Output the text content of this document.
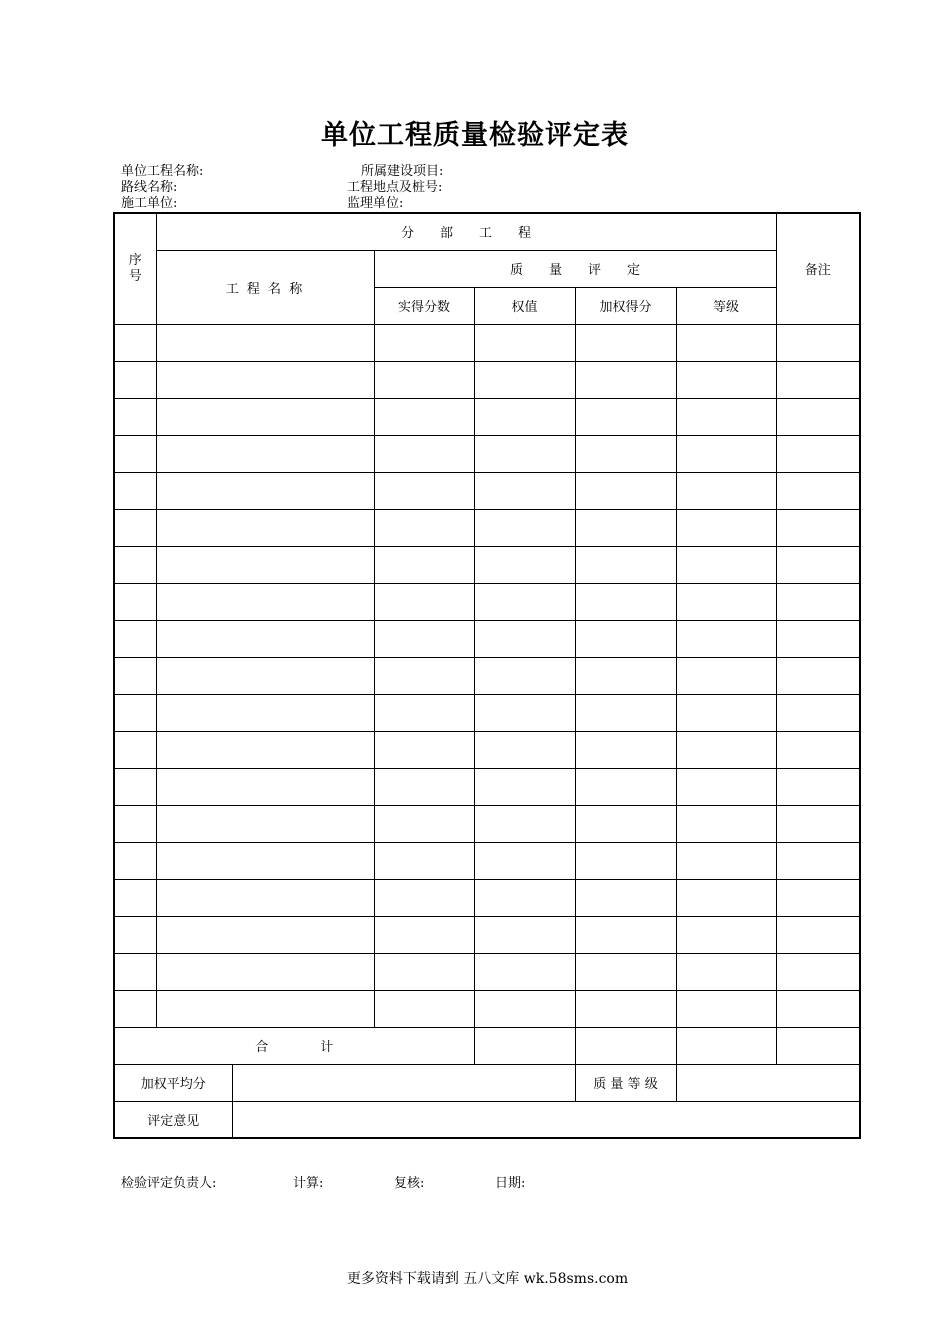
单位工程质量检验评定表
单位工程名称:	所属建设项目:
路线名称:	工程地点及桩号:
施工单位:	监理单位:
序号	分　　部　　工　　程						备注
	工 程 名 称		质　　量　　评　　定				
			实得分数	权值	加权得分	等级	

合　　　　计							
加权平均分					质 量 等 级		
评定意见							
检验评定负责人:	计算:	复核:	日期:
更多资料下载请到 五八文库 wk.58sms.com
